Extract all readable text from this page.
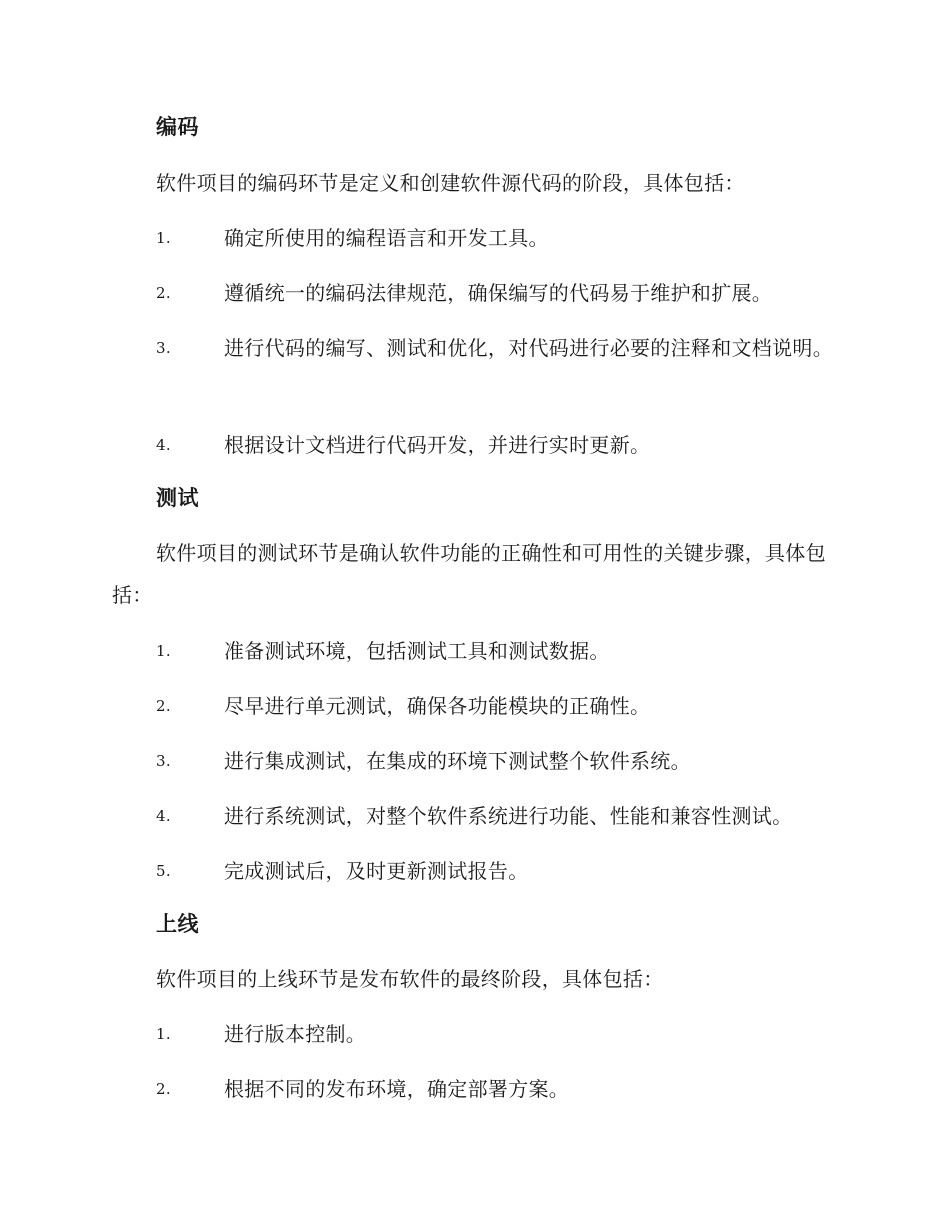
编码
软件项目的编码环节是定义和创建软件源代码的阶段，具体包括：
1.	确定所使用的编程语言和开发工具。
2.	遵循统一的编码法律规范，确保编写的代码易于维护和扩展。
3.	进行代码的编写、测试和优化，对代码进行必要的注释和文档说明。
4.	根据设计文档进行代码开发，并进行实时更新。
测试
软件项目的测试环节是确认软件功能的正确性和可用性的关键步骤，具体包括：
1.	准备测试环境，包括测试工具和测试数据。
2.	尽早进行单元测试，确保各功能模块的正确性。
3.	进行集成测试，在集成的环境下测试整个软件系统。
4.	进行系统测试，对整个软件系统进行功能、性能和兼容性测试。
5.	完成测试后，及时更新测试报告。
上线
软件项目的上线环节是发布软件的最终阶段，具体包括：
1.	进行版本控制。
2.	根据不同的发布环境，确定部署方案。
